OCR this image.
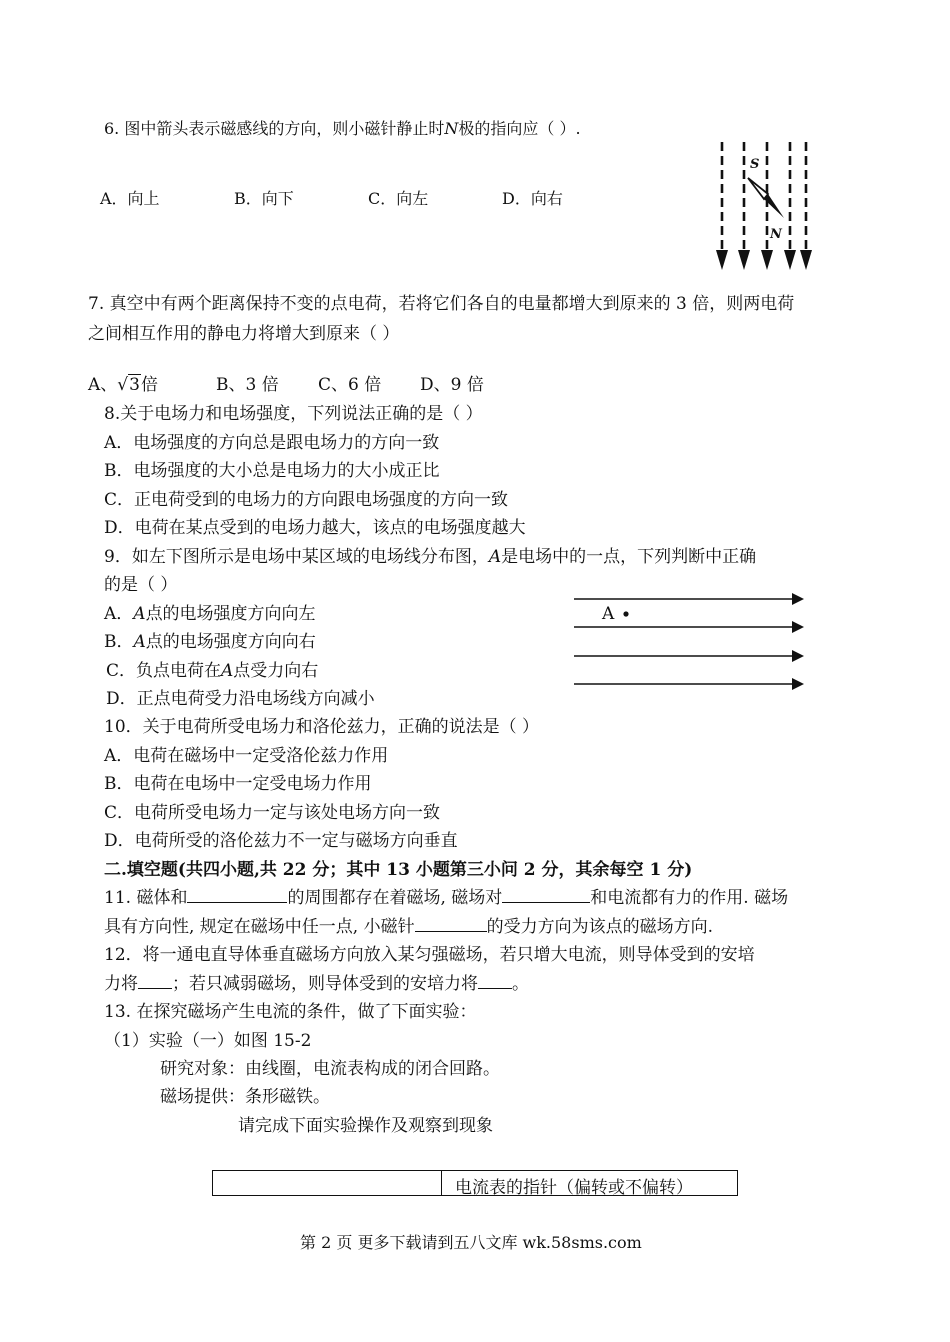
6. 图中箭头表示磁感线的方向，则小磁针静止时N极的指向应（ ）.
A．向上	B．向下	C．向左	D．向右
S
N
7. 真空中有两个距离保持不变的点电荷，若将它们各自的电量都增大到原来的 3 倍，则两电荷
之间相互作用的静电力将增大到原来（ ）
A、√3倍	B、3 倍 C、6 倍 D、9 倍
8.关于电场力和电场强度，下列说法正确的是（ ）
A．电场强度的方向总是跟电场力的方向一致
B．电场强度的大小总是电场力的大小成正比
C．正电荷受到的电场力的方向跟电场强度的方向一致
D．电荷在某点受到的电场力越大，该点的电场强度越大
9．如左下图所示是电场中某区域的电场线分布图，A是电场中的一点，下列判断中正确
的是（ ）
A．A点的电场强度方向向左
B．A点的电场强度方向向右
C．负点电荷在A点受力向右
D．正点电荷受力沿电场线方向减小
A
10．关于电荷所受电场力和洛伦兹力，正确的说法是（ ）
A．电荷在磁场中一定受洛伦兹力作用
B．电荷在电场中一定受电场力作用
C．电荷所受电场力一定与该处电场方向一致
D．电荷所受的洛伦兹力不一定与磁场方向垂直
二.填空题(共四小题,共 22 分；其中 13 小题第三小问 2 分，其余每空 1 分)
11. 磁体和	的周围都存在着磁场, 磁场对	和电流都有力的作用. 磁场
具有方向性, 规定在磁场中任一点, 小磁针	的受力方向为该点的磁场方向.
12．将一通电直导体垂直磁场方向放入某匀强磁场，若只增大电流，则导体受到的安培
力将 ；若只减弱磁场，则导体受到的安培力将 。
13. 在探究磁场产生电流的条件，做了下面实验：
（1）实验（一）如图 15-2
研究对象：由线圈，电流表构成的闭合回路。
磁场提供：条形磁铁。
请完成下面实验操作及观察到现象
电流表的指针（偏转或不偏转）
第 2 页 更多下载请到五八文库 wk.58sms.com
